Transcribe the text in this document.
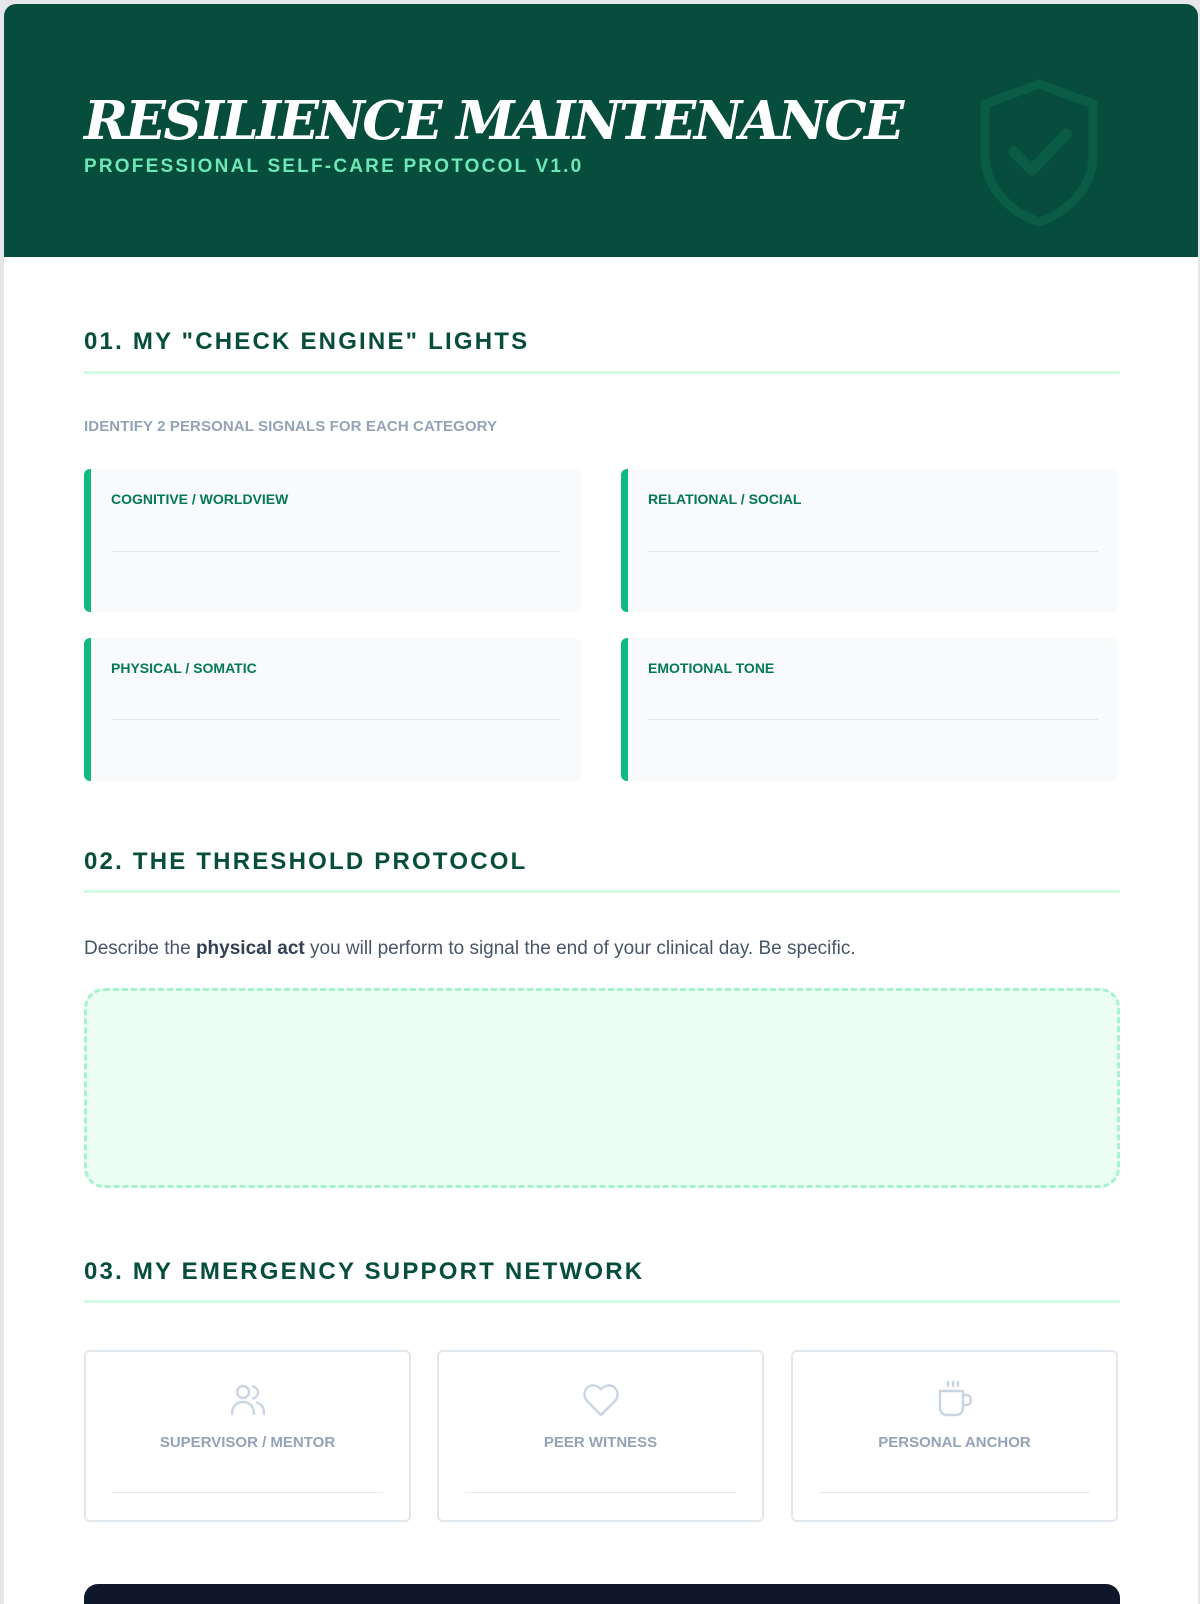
RESILIENCE MAINTENANCE
PROFESSIONAL SELF-CARE PROTOCOL V1.0
01. MY "CHECK ENGINE" LIGHTS
IDENTIFY 2 PERSONAL SIGNALS FOR EACH CATEGORY
COGNITIVE / WORLDVIEW	RELATIONAL / SOCIAL
PHYSICAL / SOMATIC	EMOTIONAL TONE
02. THE THRESHOLD PROTOCOL
Describe the physical act you will perform to signal the end of your clinical day. Be specific.
03. MY EMERGENCY SUPPORT NETWORK
SUPERVISOR / MENTOR	PEER WITNESS	PERSONAL ANCHOR
